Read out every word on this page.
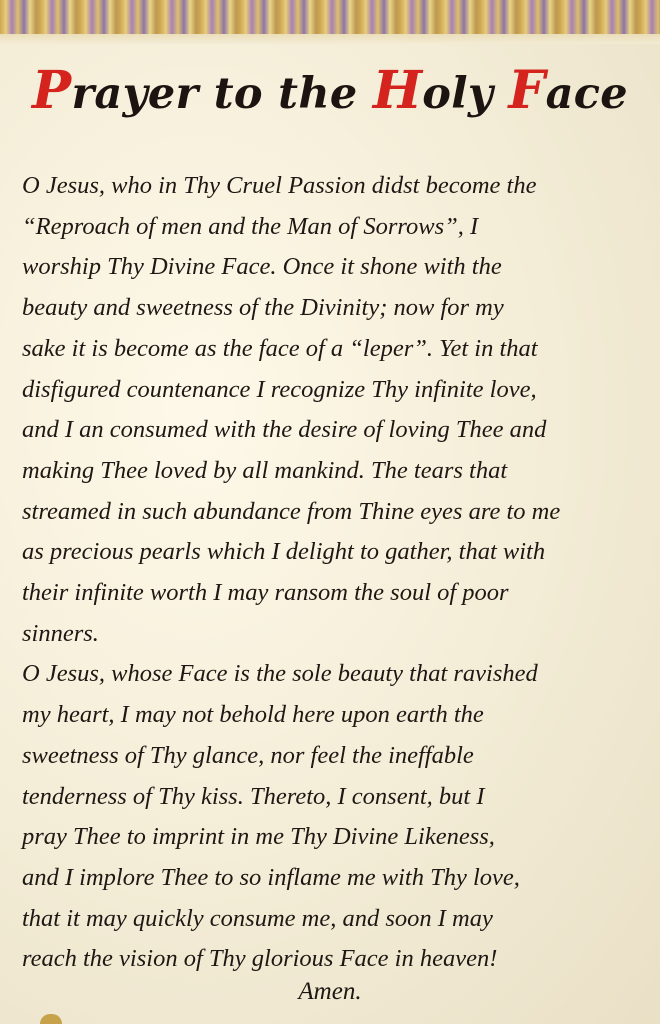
Prayer to the Holy Face
O Jesus, who in Thy Cruel Passion didst become the
“Reproach of men and the Man of Sorrows”, I
worship Thy Divine Face. Once it shone with the
beauty and sweetness of the Divinity; now for my
sake it is become as the face of a “leper”. Yet in that
disfigured countenance I recognize Thy infinite love,
and I an consumed with the desire of loving Thee and
making Thee loved by all mankind. The tears that
streamed in such abundance from Thine eyes are to me
as precious pearls which I delight to gather, that with
their infinite worth I may ransom the soul of poor
sinners.
O Jesus, whose Face is the sole beauty that ravished
my heart, I may not behold here upon earth the
sweetness of Thy glance, nor feel the ineffable
tenderness of Thy kiss. Thereto, I consent, but I
pray Thee to imprint in me Thy Divine Likeness,
and I implore Thee to so inflame me with Thy love,
that it may quickly consume me, and soon I may
reach the vision of Thy glorious Face in heaven!
Amen.
